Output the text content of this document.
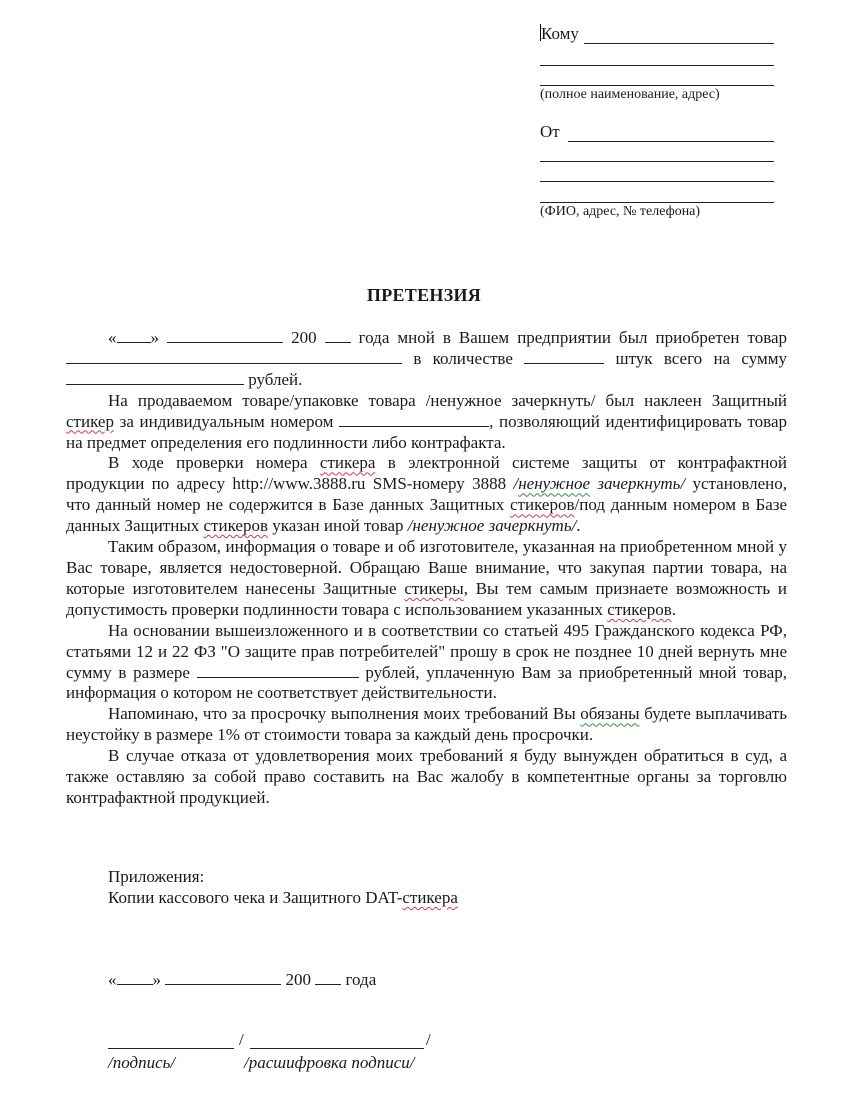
Кому
(полное наименование, адрес)
От
(ФИО, адрес, № телефона)
ПРЕТЕНЗИЯ

« »	200 года мной в Вашем предприятии был приобретен товар  в количестве	штук всего на сумму  рублей.

На продаваемом товаре/упаковке товара /ненужное зачеркнуть/ был наклеен Защитный стикер за индивидуальным номером	, позволяющий идентифицировать товар на предмет определения его подлинности либо контрафакта.

В ходе проверки номера стикера в электронной системе защиты от контрафактной продукции по адресу http://www.3888.ru SMS-номеру 3888 /ненужное зачеркнуть/ установлено, что данный номер не содержится в Базе данных Защитных стикеров/под данным номером в Базе данных Защитных стикеров указан иной товар /ненужное зачеркнуть/.

Таким образом, информация о товаре и об изготовителе, указанная на приобретенном мной у Вас товаре, является недостоверной. Обращаю Ваше внимание, что закупая партии товара, на которые изготовителем нанесены Защитные стикеры, Вы тем самым признаете возможность и допустимость проверки подлинности товара с использованием указанных стикеров.

На основании вышеизложенного и в соответствии со статьей 495 Гражданского кодекса РФ, статьями 12 и 22 ФЗ "О защите прав потребителей" прошу в срок не позднее 10 дней вернуть мне сумму в размере	рублей, уплаченную Вам за приобретенный мной товар, информация о котором не соответствует действительности.

Напоминаю, что за просрочку выполнения моих требований Вы обязаны будете выплачивать неустойку в размере 1% от стоимости товара за каждый день просрочки.

В случае отказа от удовлетворения моих требований я буду вынужден обратиться в суд, а также оставляю за собой право составить на Вас жалобу в компетентные органы за торговлю контрафактной продукцией.

Приложения:
Копии кассового чека и Защитного DAT-стикера
« »	200 года
/	/
/подпись/	/расшифровка подписи/
